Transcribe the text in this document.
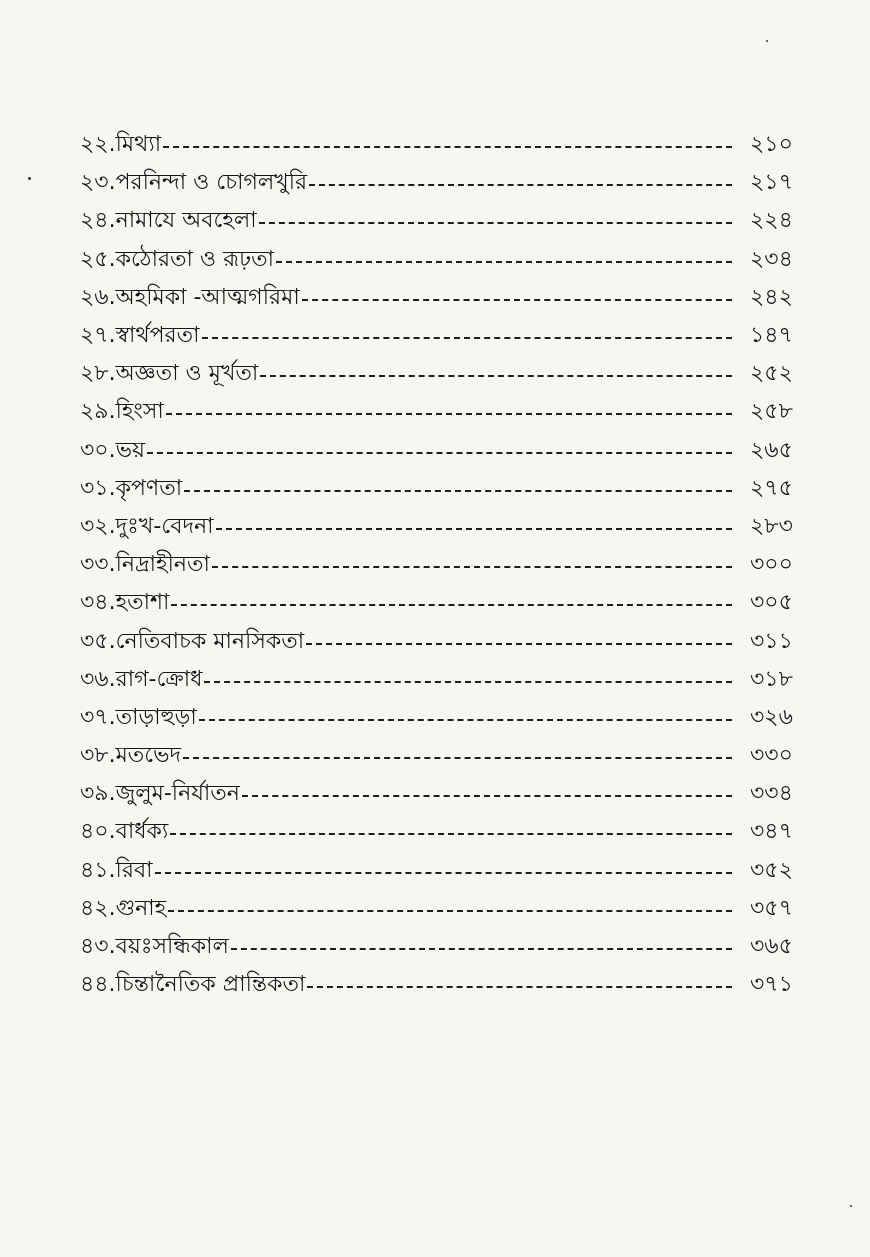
২২.মিথ্যা	২১০
২৩.পরনিন্দা ও চোগলখুরি	২১৭
২৪.নামাযে অবহেলা	২২৪
২৫.কঠোরতা ও রূঢ়তা	২৩৪
২৬.অহমিকা -আত্মগরিমা	২৪২
২৭.স্বার্থপরতা	১৪৭
২৮.অজ্ঞতা ও মূর্খতা	২৫২
২৯.হিংসা	২৫৮
৩০.ভয়	২৬৫
৩১.কৃপণতা	২৭৫
৩২.দুঃখ-বেদনা	২৮৩
৩৩.নিদ্রাহীনতা	৩০০
৩৪.হতাশা	৩০৫
৩৫.নেতিবাচক মানসিকতা	৩১১
৩৬.রাগ-ক্রোধ	৩১৮
৩৭.তাড়াহুড়া	৩২৬
৩৮.মতভেদ	৩৩০
৩৯.জুলুম-নির্যাতন	৩৩৪
৪০.বার্ধক্য	৩৪৭
৪১.রিবা	৩৫২
৪২.গুনাহ	৩৫৭
৪৩.বয়ঃসন্ধিকাল	৩৬৫
৪৪.চিন্তানৈতিক প্রান্তিকতা	৩৭১
